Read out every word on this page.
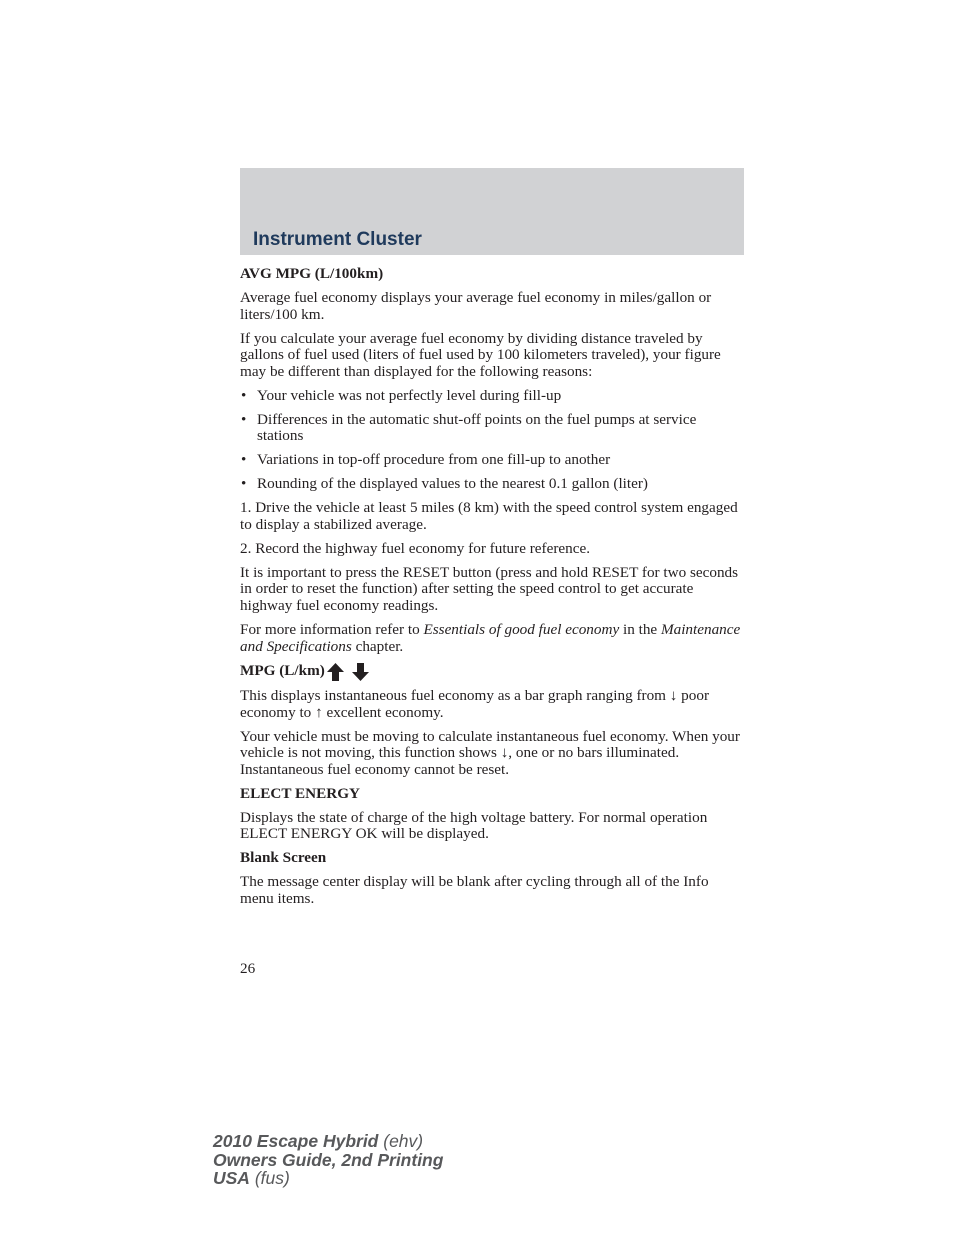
Instrument Cluster
AVG MPG (L/100km)

Average fuel economy displays your average fuel economy in miles/gallon or liters/100 km.

If you calculate your average fuel economy by dividing distance traveled by gallons of fuel used (liters of fuel used by 100 kilometers traveled), your figure may be different than displayed for the following reasons:

• Your vehicle was not perfectly level during fill-up
• Differences in the automatic shut-off points on the fuel pumps at service stations
• Variations in top-off procedure from one fill-up to another
• Rounding of the displayed values to the nearest 0.1 gallon (liter)

1. Drive the vehicle at least 5 miles (8 km) with the speed control system engaged to display a stabilized average.

2. Record the highway fuel economy for future reference.

It is important to press the RESET button (press and hold RESET for two seconds in order to reset the function) after setting the speed control to get accurate highway fuel economy readings.

For more information refer to Essentials of good fuel economy in the Maintenance and Specifications chapter.

MPG (L/km)

This displays instantaneous fuel economy as a bar graph ranging from ↓ poor economy to ↑ excellent economy.

Your vehicle must be moving to calculate instantaneous fuel economy. When your vehicle is not moving, this function shows ↓, one or no bars illuminated. Instantaneous fuel economy cannot be reset.

ELECT ENERGY

Displays the state of charge of the high voltage battery. For normal operation ELECT ENERGY OK will be displayed.

Blank Screen

The message center display will be blank after cycling through all of the Info menu items.

26
2010 Escape Hybrid (ehv)
Owners Guide, 2nd Printing
USA (fus)
